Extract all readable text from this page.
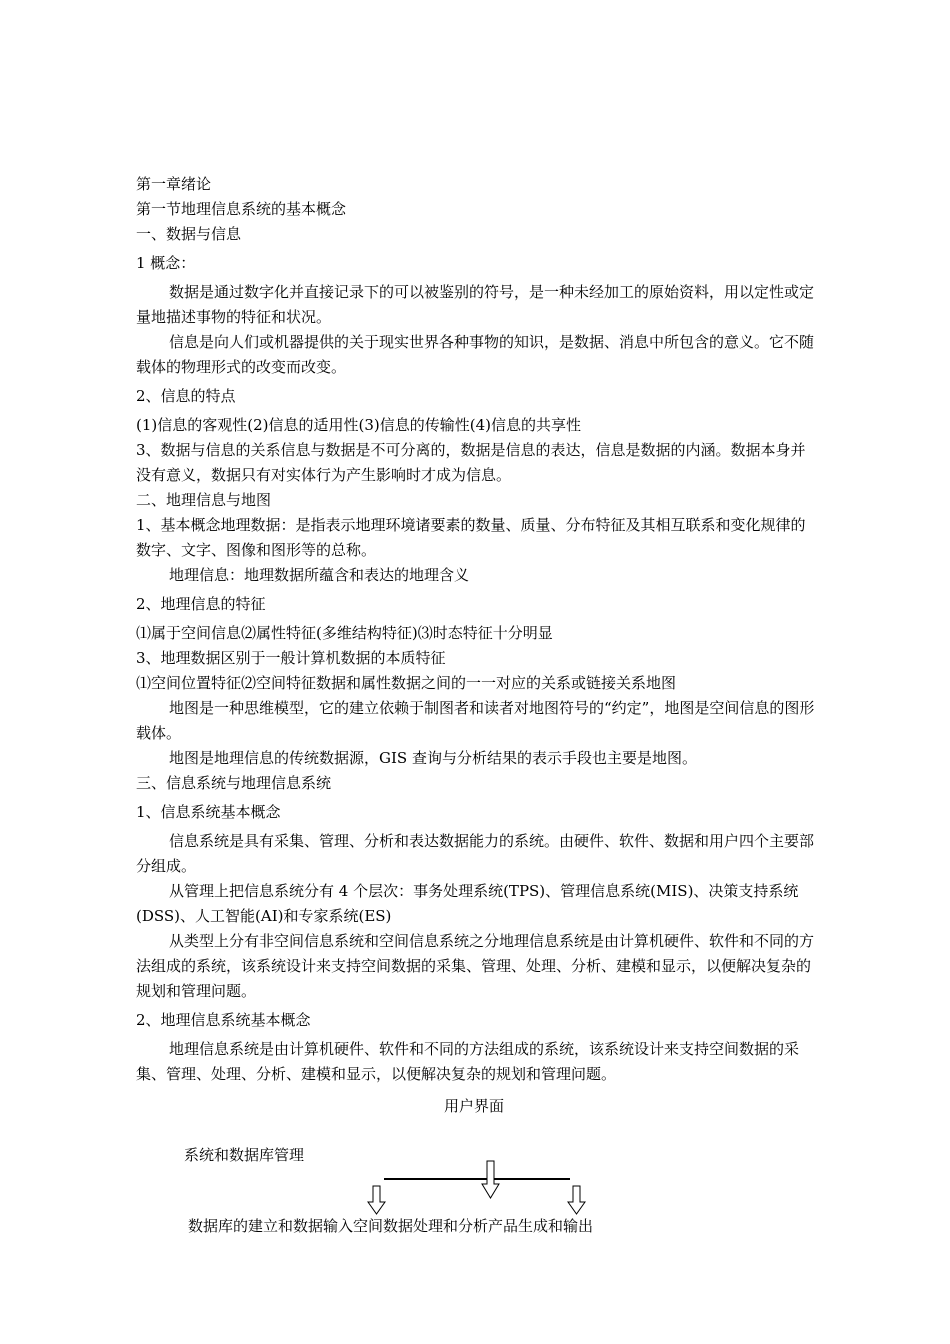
第一章绪论

第一节地理信息系统的基本概念

一、数据与信息

1 概念：

数据是通过数字化并直接记录下的可以被鉴别的符号，是一种未经加工的原始资料，用以定性或定量地描述事物的特征和状况。

信息是向人们或机器提供的关于现实世界各种事物的知识，是数据、消息中所包含的意义。它不随载体的物理形式的改变而改变。

2、信息的特点

(1)信息的客观性(2)信息的适用性(3)信息的传输性(4)信息的共享性

3、数据与信息的关系信息与数据是不可分离的，数据是信息的表达，信息是数据的内涵。数据本身并没有意义，数据只有对实体行为产生影响时才成为信息。

二、地理信息与地图

1、基本概念地理数据：是指表示地理环境诸要素的数量、质量、分布特征及其相互联系和变化规律的数字、文字、图像和图形等的总称。

地理信息：地理数据所蕴含和表达的地理含义

2、地理信息的特征

⑴属于空间信息⑵属性特征(多维结构特征)⑶时态特征十分明显

3、地理数据区别于一般计算机数据的本质特征

⑴空间位置特征⑵空间特征数据和属性数据之间的一一对应的关系或链接关系地图

地图是一种思维模型，它的建立依赖于制图者和读者对地图符号的“约定”，地图是空间信息的图形载体。

地图是地理信息的传统数据源，GIS 查询与分析结果的表示手段也主要是地图。

三、信息系统与地理信息系统

1、信息系统基本概念

信息系统是具有采集、管理、分析和表达数据能力的系统。由硬件、软件、数据和用户四个主要部分组成。

从管理上把信息系统分有 4 个层次：事务处理系统(TPS)、管理信息系统(MIS)、决策支持系统(DSS)、人工智能(AI)和专家系统(ES)

从类型上分有非空间信息系统和空间信息系统之分地理信息系统是由计算机硬件、软件和不同的方法组成的系统，该系统设计来支持空间数据的采集、管理、处理、分析、建模和显示，以便解决复杂的规划和管理问题。

2、地理信息系统基本概念

地理信息系统是由计算机硬件、软件和不同的方法组成的系统，该系统设计来支持空间数据的采集、管理、处理、分析、建模和显示，以便解决复杂的规划和管理问题。

用户界面
系统和数据库管理
数据库的建立和数据输入空间数据处理和分析产品生成和输出
